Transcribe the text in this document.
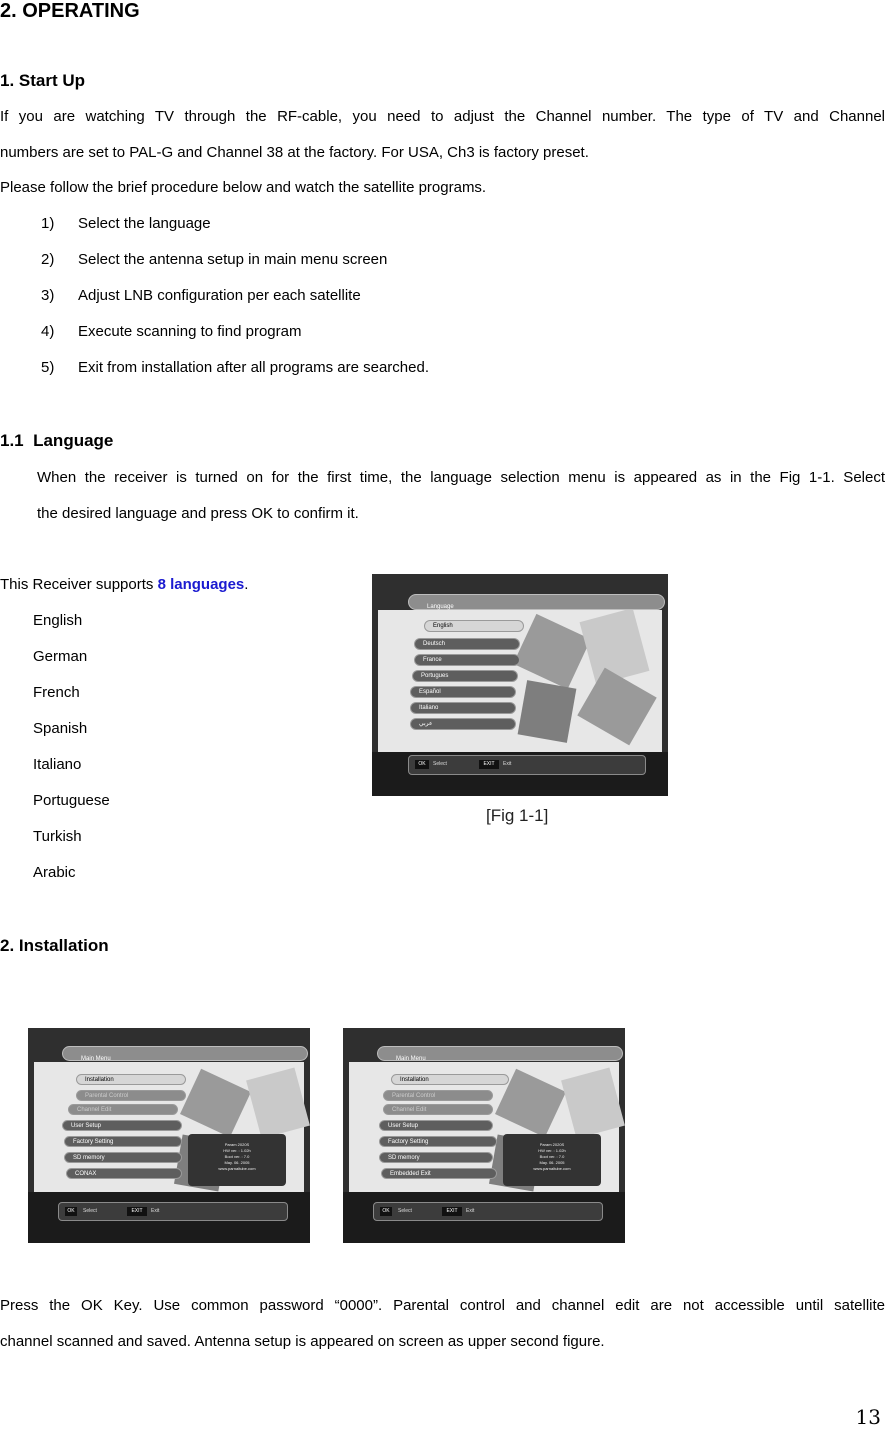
2. OPERATING
1. Start Up
If you are watching TV through the RF-cable, you need to adjust the Channel number. The type of TV and Channel
numbers are set to PAL-G and Channel 38 at the factory. For USA, Ch3 is factory preset.
Please follow the brief procedure below and watch the satellite programs.
1) Select the language
2) Select the antenna setup in main menu screen
3) Adjust LNB configuration per each satellite
4) Execute scanning to find program
5) Exit from installation after all programs are searched.
1.1 Language
When the receiver is turned on for the first time, the language selection menu is appeared as in the Fig 1-1. Select
the desired language and press OK to confirm it.
This Receiver supports 8 languages.
English
German
French
Spanish
Italiano
Portuguese
Turkish
Arabic
Language
English
Deutsch
France
Portugues
Español
Italiano
عربي
OK	Select	EXIT	Exit
[Fig 1-1]
2. Installation
Main Menu
Installation
Parental Control
Channel Edit
User Setup
Factory Setting
SD memory
CONAX
Param 2020S
HW ver. : 1.02h
Boot ver. : 7.0
May. 06. 2005
www.parnaltube.com
OK	Select	EXIT	Exit
Main Menu
Installation
Parental Control
Channel Edit
User Setup
Factory Setting
SD memory
Embedded Exit
Param 2020S
HW ver. : 1.02h
Boot ver. : 7.0
May. 06. 2005
www.parnaltube.com
OK	Select	EXIT	Exit
Press the OK Key. Use common password “0000”. Parental control and channel edit are not accessible until satellite
channel scanned and saved. Antenna setup is appeared on screen as upper second figure.
13
